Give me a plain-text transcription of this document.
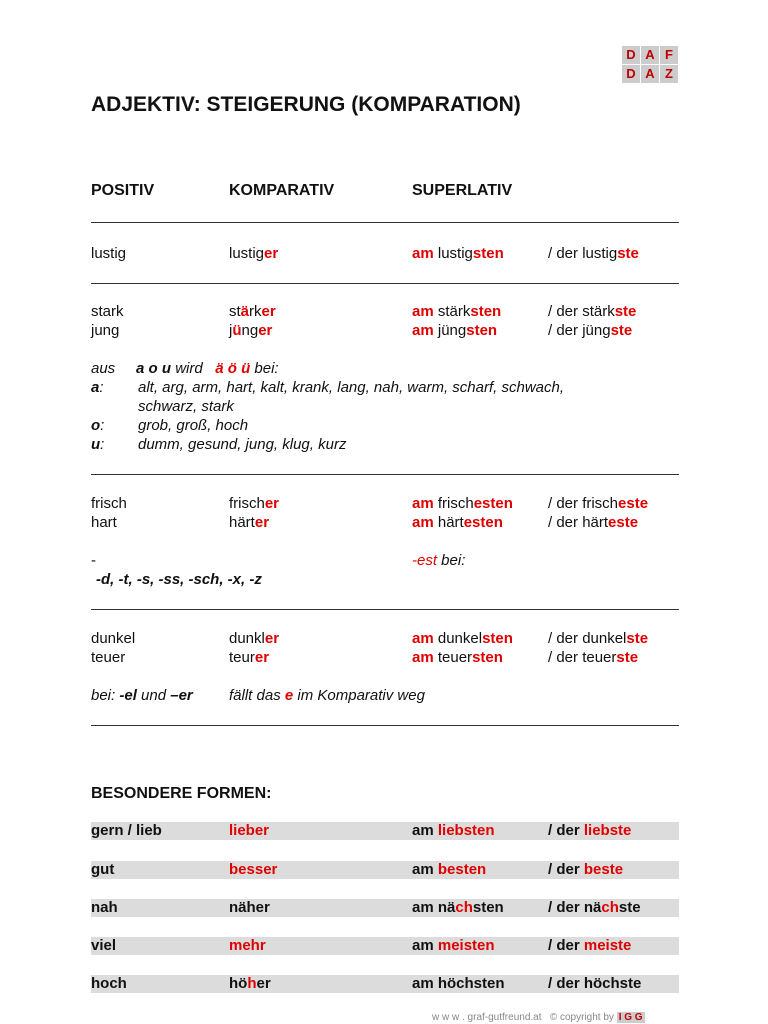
D A F
D A Z
ADJEKTIV: STEIGERUNG (KOMPARATION)
POSITIV	KOMPARATIV	SUPERLATIV
lustig	lustiger	am lustigsten	/ der lustigste
stark	stärker	am stärksten	/ der stärkste
jung	jünger	am jüngsten	/ der jüngste
aus a o u wird ä ö ü bei:
a: alt, arg, arm, hart, kalt, krank, lang, nah, warm, scharf, schwach,
schwarz, stark
o: grob, groß, hoch
u: dumm, gesund, jung, klug, kurz
frisch	frischer	am frischesten / der frischeste
hart	härter	am härtesten	/ der härteste
-	-est bei:
-d, -t, -s, -ss, -sch, -x, -z
dunkel	dunkler	am dunkelsten / der dunkelste
teuer	teurer	am teuersten	/ der teuerste
bei: -el und –er fällt das e im Komparativ weg
BESONDERE FORMEN:
gern / lieb	lieber	am liebsten	/ der liebste
gut	besser	am besten	/ der beste
nah	näher	am nächsten	/ der nächste
viel	mehr	am meisten	/ der meiste
hoch	höher	am höchsten	/ der höchste
w w w . graf-gutfreund.at © copyright by I G G
